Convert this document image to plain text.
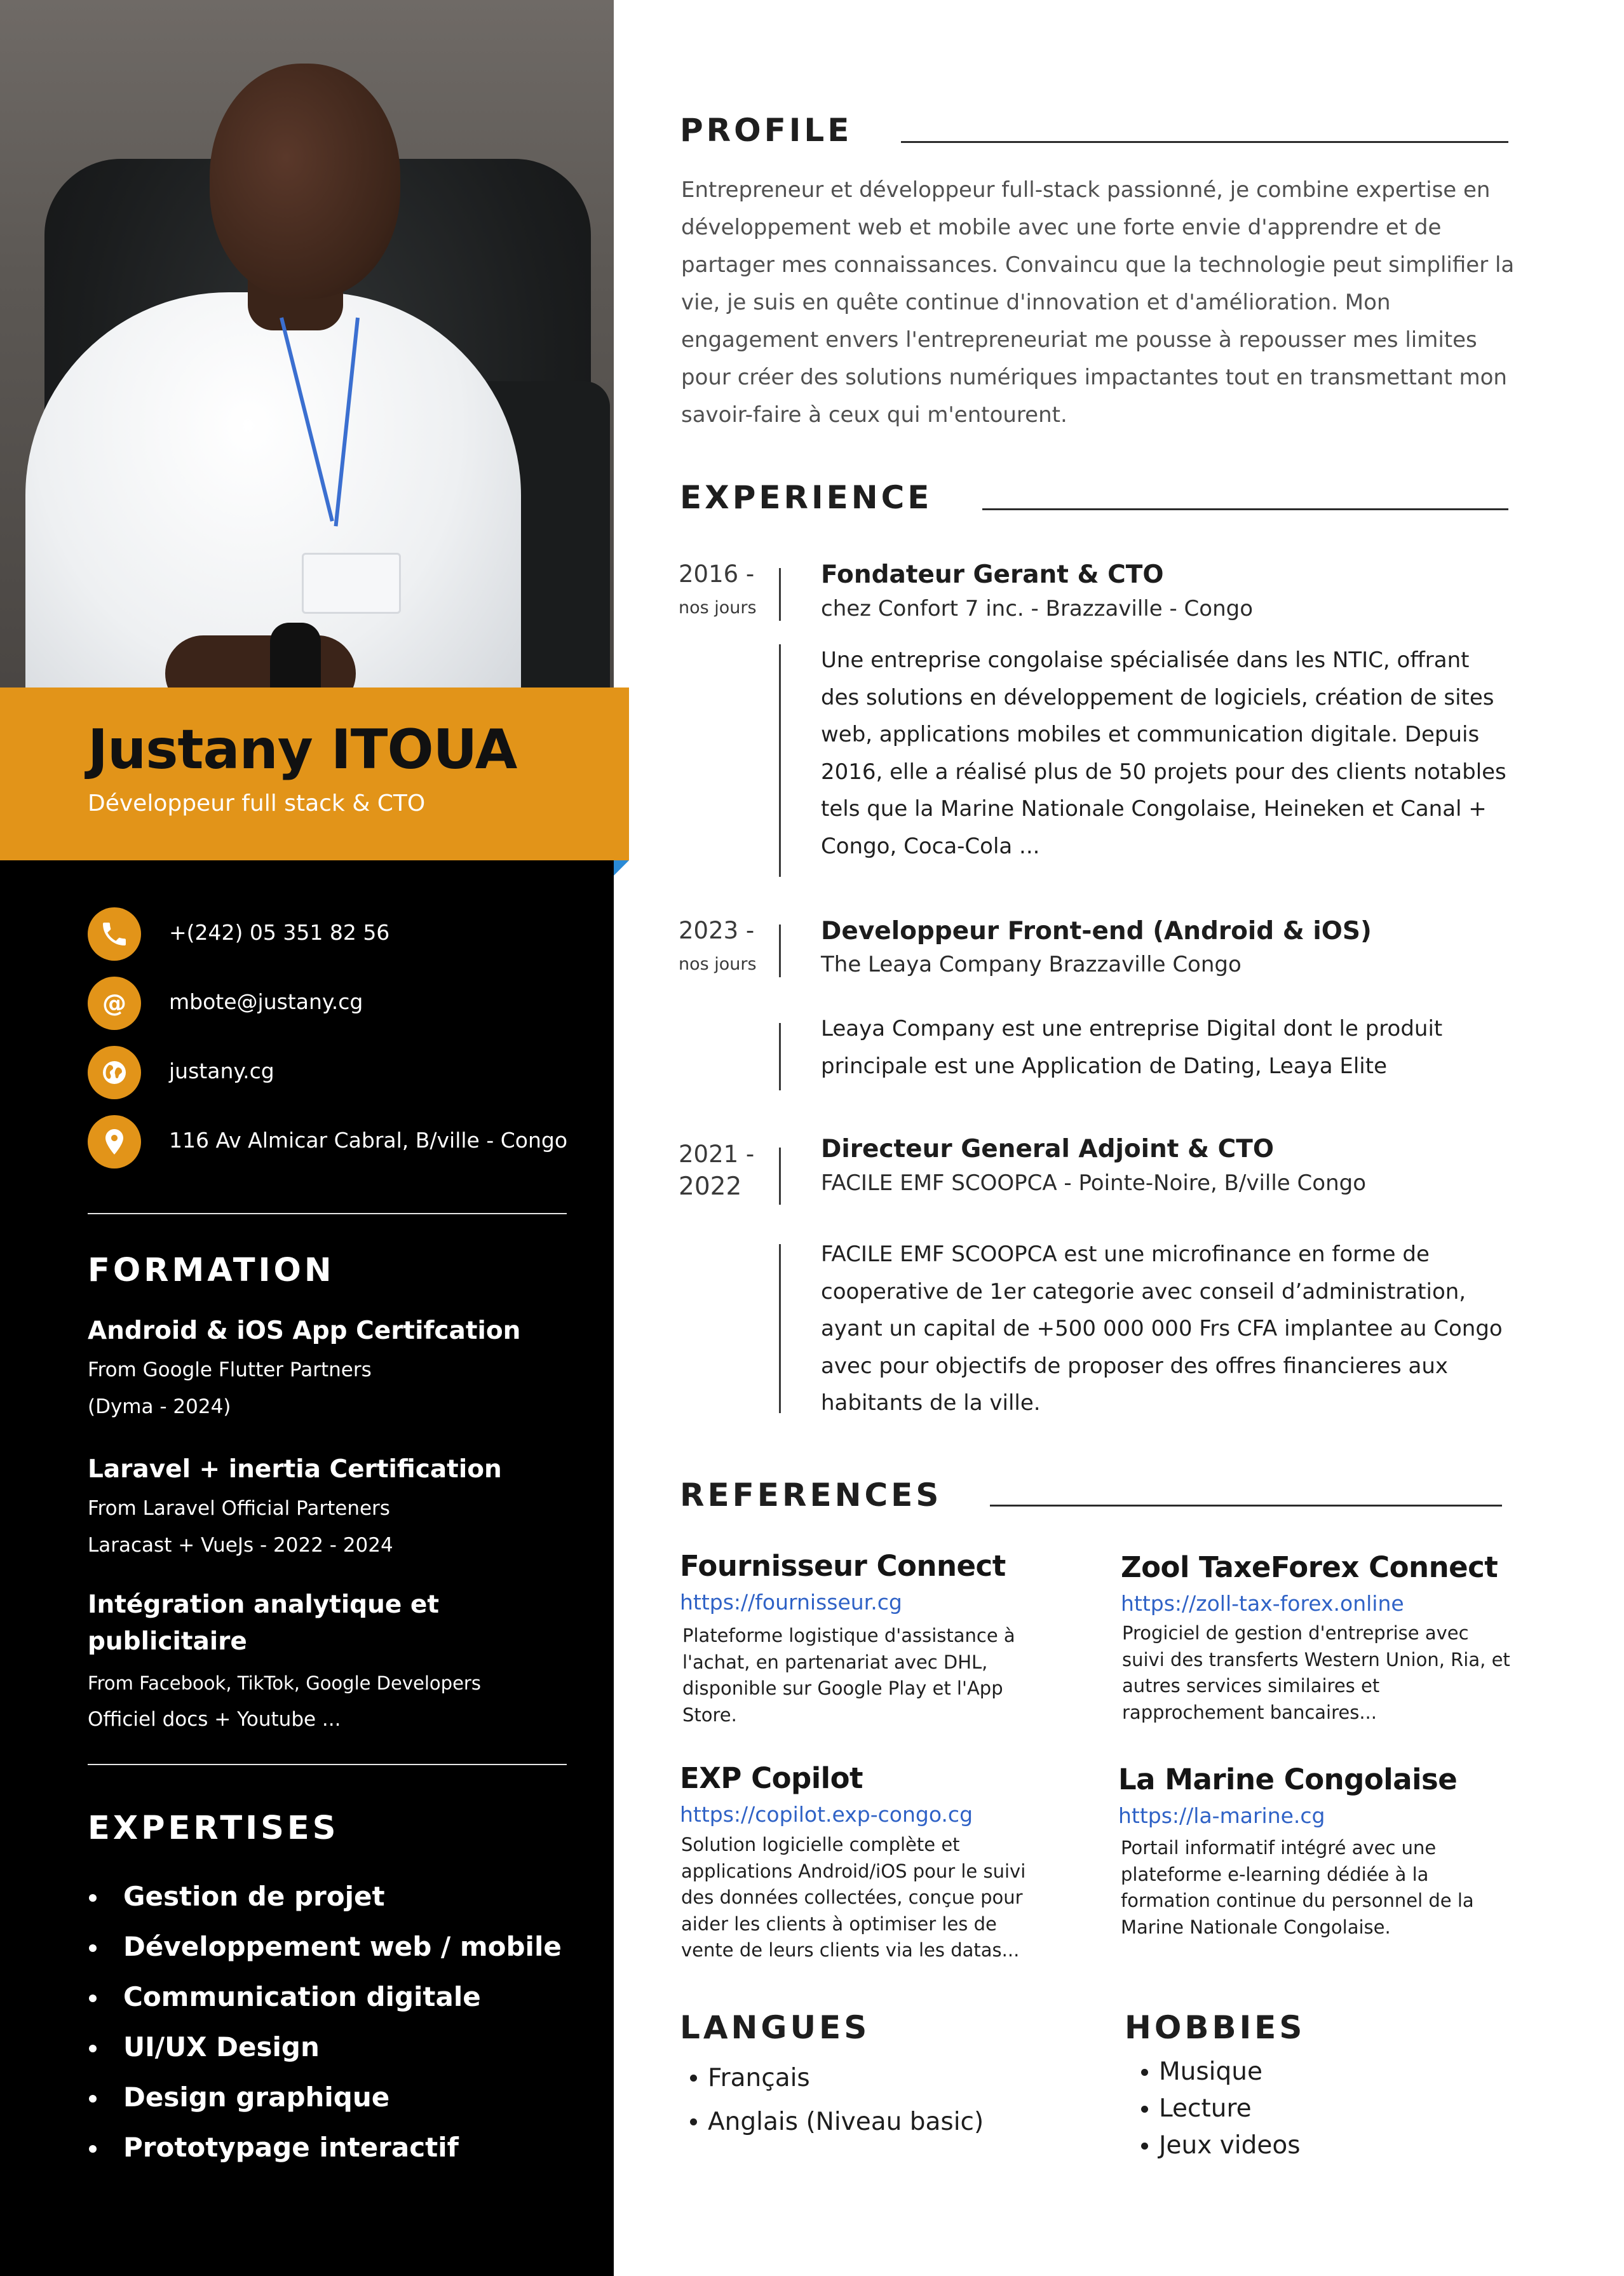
Justany ITOUA
Développeur full stack & CTO
+(242) 05 351 82 56
@ mbote@justany.cg
justany.cg
116 Av Almicar Cabral, B/ville - Congo
FORMATION
Android & iOS App Certifcation
From Google Flutter Partners
(Dyma - 2024)
Laravel + inertia Certification
From Laravel Official Parteners
Laracast + VueJs - 2022 - 2024
Intégration analytique et publicitaire
From Facebook, TikTok, Google Developers
Officiel docs + Youtube ...
EXPERTISES
Gestion de projet
Développement web / mobile
Communication digitale
UI/UX Design
Design graphique
Prototypage interactif
PROFILE

Entrepreneur et développeur full-stack passionné, je combine expertise en développement web et mobile avec une forte envie d'apprendre et de partager mes connaissances. Convaincu que la technologie peut simplifier la vie, je suis en quête continue d'innovation et d'amélioration. Mon engagement envers l'entrepreneuriat me pousse à repousser mes limites pour créer des solutions numériques impactantes tout en transmettant mon savoir-faire à ceux qui m'entourent.

EXPERIENCE
2016 -
nos jours
Fondateur Gerant & CTO
chez Confort 7 inc. - Brazzaville - Congo

Une entreprise congolaise spécialisée dans les NTIC, offrant des solutions en développement de logiciels, création de sites web, applications mobiles et communication digitale. Depuis 2016, elle a réalisé plus de 50 projets pour des clients notables tels que la Marine Nationale Congolaise, Heineken et Canal + Congo, Coca-Cola ...

2023 -
nos jours
Developpeur Front-end (Android & iOS)
The Leaya Company Brazzaville Congo

Leaya Company est une entreprise Digital dont le produit principale est une Application de Dating, Leaya Elite

2021 -
2022
Directeur General Adjoint & CTO
FACILE EMF SCOOPCA - Pointe-Noire, B/ville Congo

FACILE EMF SCOOPCA est une microfinance en forme de cooperative de 1er categorie avec conseil d’administration, ayant un capital de +500 000 000 Frs CFA implantee au Congo avec pour objectifs de proposer des offres financieres aux habitants de la ville.

REFERENCES
Fournisseur Connect
https://fournisseur.cg

Plateforme logistique d'assistance à l'achat, en partenariat avec DHL, disponible sur Google Play et l'App Store.

Zool TaxeForex Connect
https://zoll-tax-forex.online

Progiciel de gestion d'entreprise avec suivi des transferts Western Union, Ria, et autres services similaires et rapprochement bancaires...

EXP Copilot
https://copilot.exp-congo.cg

Solution logicielle complète et applications Android/iOS pour le suivi des données collectées, conçue pour aider les clients à optimiser les de vente de leurs clients via les datas...

La Marine Congolaise
https://la-marine.cg

Portail informatif intégré avec une plateforme e-learning dédiée à la formation continue du personnel de la Marine Nationale Congolaise.

LANGUES
Français
Anglais (Niveau basic)
HOBBIES
Musique
Lecture
Jeux videos
